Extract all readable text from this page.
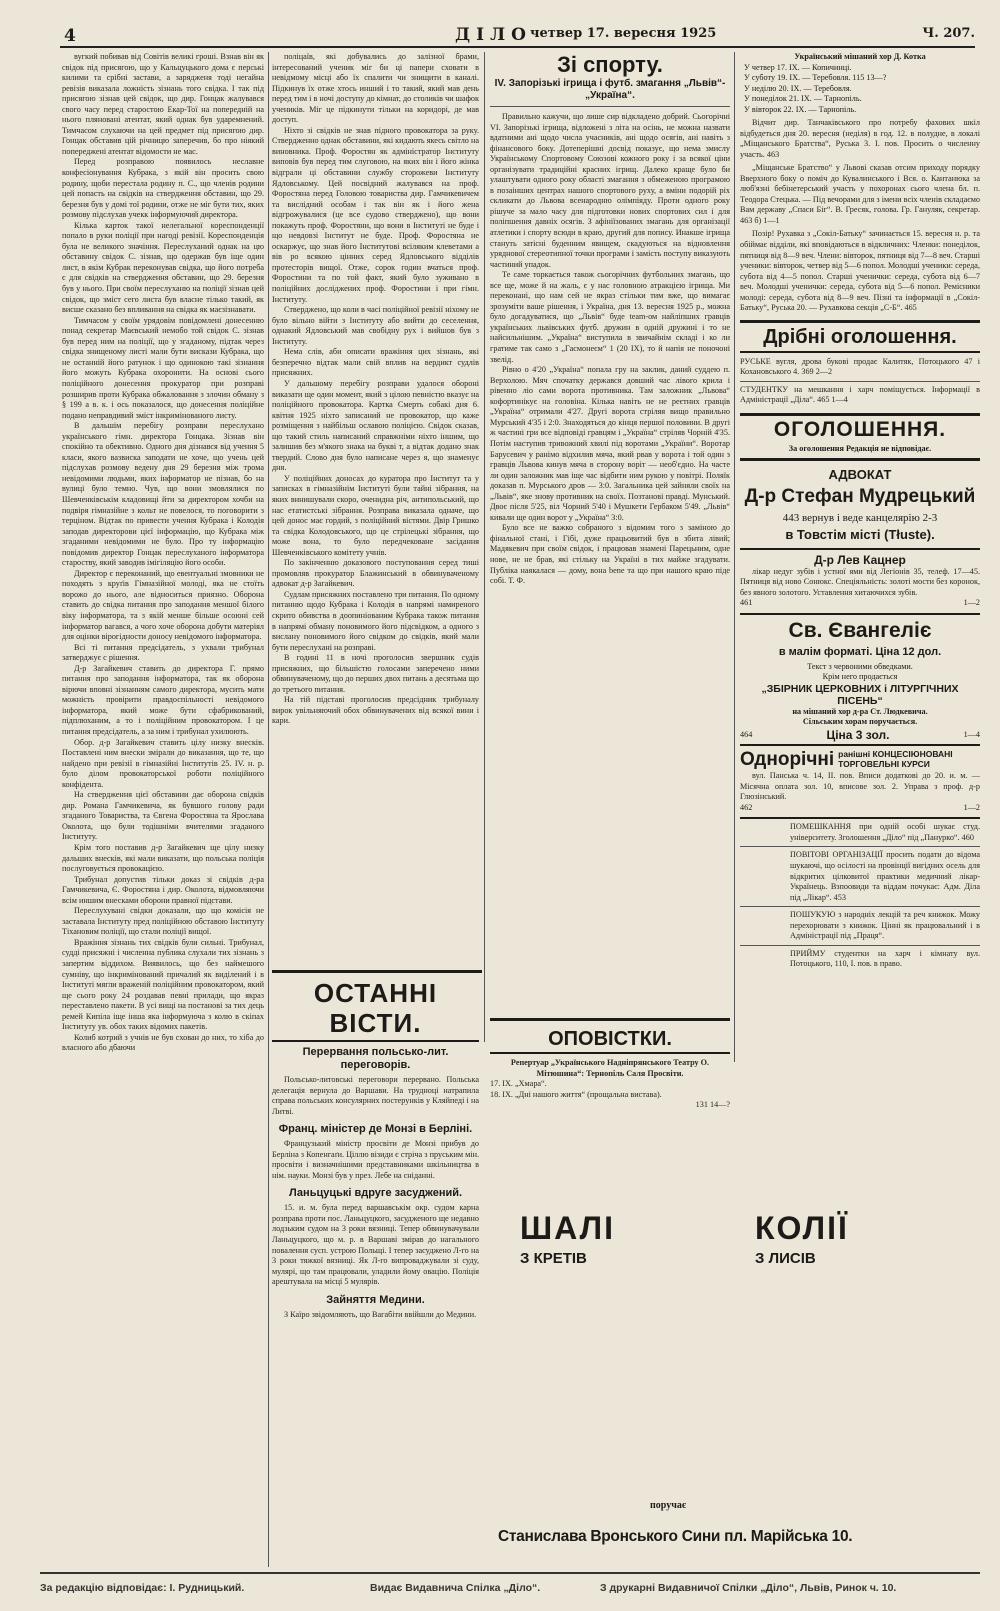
4	ДІЛО
четвер 17. вересня 1925	Ч. 207.

вугкий побивав від Совітів великі гроші. Взнав він як свідок під присягою, що у Кальцуцького дома є перські килими та срібні застави, а зарядженя тоді негайна ревізія виказала ложність зізнань того свідка. І так під присягою зізнав цей свідок, що дир. Гонцак жалувався свого часу перед старостою Екар-Тої на попередній на нього пляновані атентат, який однак був ударемнений. Тимчасом слухаючи на цей предмет під присягою дир. Гонцак обставив цій річницю заперечив, бо про ніякий попереджені атентат відомости не мас.

Перед розправою появилось неславне конфесіонування Кубрака, з якій він просить свою родину, щоби перестала родину п. С., що членів родини цей попасть на свідків на ствердження обставин, що 29. березня був у домі тої родини, отже не міг бути тих, яких розмову підслухав учекк інформуючий директора.

Кілька карток такої нелегальної кореспонденції попало в руки поліції при нагоді ревізії. Кореспонденція була не великого значіння. Переслуханий однак на цю обставину свідок С. зізнав, що одержав був іще один лист, в якім Кубрак переконував свідка, що його потреба є для свідків на ствердження обставин, що 29. березня був у нього. При своїм переслуханю на поліції зізнав цей свідок, що зміст сего листа був власне тілько такий, як висше сказано без впливання на свідка як маєзізнавати.

Тимчасом у своїм урядовім повідомлені донесенню понад секретар Маєвський немобо той свідок С. зізнав був перед ним на поліції, що у згаданому, підтак через свідка знищеному листі мали бути вискази Кубрака, що не останній його ратунок і що одинокою такі зізнання його можуть Кубрака охоронити. На основі сього поліційного донесення прокуратор при розправі розширив проти Кубрака обжаловання з злочин обману з § 199 а в. к. і ось показалося, що донесення поліційне подано неправдивий зміст інкримінованого листу.

В дальшім перебігу розправи переслухано українського гімн. директора Гонцака. Зізнав він спокійно та обективно. Одного дня дізнався від учення 5 класи, якого вазвиска заподати не хоче, що учень цей підслухав розмову ведену дня 29 березня між трома невідомими людьми, яких інформатор не пізнав, бо на вулиці було темно. Чув, що вони змовлялися по Шевченківськім кладовищі йти за директором хочби на подвіря гімназійне з кольт не повелося, то поговорити з терціном. Відтак по привести учення Кубрака і Колодія заподав директорови цієї інформацію, що Кубрака між згаданими невідомими не було. Про ту інформацію повідомив директор Гонцак переслуханого інформатора староству, який заводив імігіляцію його особи.

Директор є переконаний, що евентуальні змовники не походять з круґів Гімназійної молоді, яка не стоїть ворожо до нього, але відноситься приязно. Оборона ставить до свідка питання про заподання меншої білого віку інформатора, та з якій менше більше осоюні сей інформатор вагався, а чого хоче оборона добути матеріял для оцінки вірогідности доносу невідомого інформатора.

Всі ті питання предсідатель, з ухвали трибунал затверджує с рішення.

Д-р Загайкевич ставить до директора Г. прямо питання про заподання інформатора, так як оборона вірючи вповні зізнанням самого директора, мусить мати можність провірити правдоспільності невідомого інформатора, який може бути сфабрикований, підплюханим, а то і поліційним провокатором. І це питання предсідатель, а за ним і трибунал ухилюють.

Обор. д-р Загайкевич ставить цілу низку внесків. Поставлені ним внески змірали до виказання, що те, що найдено при ревізії в гімназійні Інститутів 25. IV. н. р. було ділом провокаторської роботи поліційного конфідента.

На ствердження цієї обставини дає оборона свідків дир. Романа Гамчикевича, як бувшого голову ради згаданого Товариства, та Євгена Форостяна та Ярослава Околота, що були тодішніми вчителями згаданого Інституту.

Крім того поставив д-р Загайкевич ще цілу низку дальших внесків, які мали виказати, що польська поліція послуговується провокацією.

Трибунал допустив тільки доказ зі свідків д-ра Гамчикевича, Є. Форостяна і дир. Околота, відмовляючи всім иншим внесками оборони правної підстави.

Переслухувані свідки доказали, що що комісія не заставала Інституту пред поліційною обставою Інституту Тіхановим поліції, що стали поліції вищої.

Вражіння зізнань тих свідків були сильні. Трибунал, судді присяжні і численна публика слухали тих зізнань з запертим віддихом. Виявилось, що без наймешого сумніву, що інкримінований причалий як виділений і в Інституті мягли враженій поліційним провокатором, який ще сього року 24 роздавав певні прилади, що якраз переставлено пакети. В усі вищі на постанові за тих дець ремей Кипіла іще інша яка інформуюча з колю в скіпах Інституту ув. обох таких відомих пакетів.

Колиб котрий з учнів не був схован до них, то хіба до власного або дбаючи

поліцаїв, які добувались до залізної брами, інтересований ученик міг би ці папери сховати в невідмому місці або їх спалити чи знищити в каналі. Підкинув їх отже хтось инший і то такий, який мав день перед тим і в ночі доступу до кімнат, до столиків чи шафок учеників. Міг це підкинути тільки на коридорі, де мав доступ.

Ніхто зі свідків не знав підного провокатора за руку. Ствердженно однак обставини, які кидають якесь світло на виновника. Проф. Форостян як адміністратор Інституту виповів був перед тим слуговою, на яких він і його жінка відграли ці обставини службу сторожеви Інституту Ядловському. Цей посвідний жалувався на проф. Форостяна перед Головою товариства дир. Гамчикевичем та вислідний особам і так він як і його жена відгрожувалися (це все судово стверджено), що вони покажуть проф. Форостяни, що вони в Інституті не буде і що невдовзі Інститут не буде. Проф. Форостяна не оскаржує, що знав його Інститутові всіляким клеветами а вів ро всякою цінних серед Ядловського відділів протесторів вищої. Отже, сорок годин вчаться проф. Форостини та по той факт, який було зуживано в поліційних досліджених проф. Форостини і при гімн. Інституту.

Стверджено, що коли в часі поліційної ревізії ніхому не було вільно війти з Інституту або вийти до сеселення, однакий Ядловський мав свобідну рух і вийшов був з Інституту.

Нема слів, аби описати вражіння цих зізнань, які безперечно відтак мали свій вплив на вердикт судлів присяжних.

У дальшому перебігу розправи удалося обороні виказати ще один момент, який з цілою певністю вказує на поліційного провокатора. Картка Смерть собакі дня 6. квітня 1925 ніхто записаний не провокатор, що каже розміщення з найбільш ославою поліцією. Свідок сказав, що такий стиль написаний справжніми ніхто іншим, що залишив без м'якого знака на букві т, а відтак додано знак твердий. Слово дня було написане через я, що знаменує дня.

У поліційних доносах до куратора про Інститут та у записках в гімназійнім Інституті були тайні зібрання, на яких винишували скоро, оченидна річ, антипольський, що нас етатистські зібрання. Розправа виказала одначе, що цей донос має гордий, з поліційний вістями. Двір Гришко та свідка Колодовського, що це стрілецькі зібрання, що може вона, то було передчековане засідання Шевченківського комітету учнів.

По закінченню доказового поступовання серед тиші промовляв прокуратор Блажинський в обвинуваченому адвокат д-р Загайкевич.

Судлам присяжних поставлено три питання. По одному питанню щодо Кубрака і Колодія в напрямі намиреного скрито обивства в доопиніованим Кубрака також питання в напрямі обману поновимого його підсвідком, а одного з вислану поновимого його свідком до свідків, який мали бути переслухані на розправі.

В годині 11 в ночі проголосив звершник судів присяжних, що більшістю голосами заперечено ними обвинуваченому, що до перших двох питань а десятьма що до третього питання.

На тій підставі проголосив предсідник трибуналу вирок увільняючий обох обвинувачених від всякої вини і кари.

ОСТАННІ ВІСТИ.
Перервання польсько-лит. переговорів.

Польсько-литовські переговори перервано. Польська делегація вернула до Варшави. На трудноці натрапила справа польських консулярних постерунків у Кляйпеді і на Литві.

Франц. міністер де Монзі в Берліні.

Французький міністр просвіти де Монзі прибув до Берліна з Копенгаґи. Ціллю візиди є стріча з пруським мін. просвіти і визначнішими представниками шкільництва в нім. науки. Монзі був у през. Лебе на сніданні.

Ланьцуцькі вдруге засуджений.

15. и. м. була перед варшавськім окр. судом карна розправа проти пос. Ланьцуцкого, засудженого ще недавно лодзьким судом на 3 роки вязниці. Тепер обвинувачували Ланьцуцкого, що м. р. в Варшаві змірав до нагального повалення сусп. устрою Польщі. І тепер засуджено Л-го на 3 роки тяжкої вязниці. Як Л-го випроваджували зі суду, мулярі, що там працювали, уладили йому овацію. Поліція арештувала на місці 5 мулярів.

Зайняття Медини.

З Каїро звідомляють, що Вагабіти ввійшли до Медини.

Зі спорту.
IV. Запорізькі ігрища і футб. змагання „Львів“-„Україна“.

Правильно кажучи, що лише сир відкладено добрий. Сьогорічні VI. Запорізькі ігрища, відложені з літа на осінь, не можна назвати вдатними ані щодо числа учасників, ані щодо осягів, ані навіть з фінансового боку. Дотеперішні досвід показує, що нема змислу Українському Спортовому Союзові кожного року і за всякої ціни організувати традиційні красних ігрищ. Далеко краще було би улаштувати одного року області змагання з обмеженою програмою в позаінших центрах нашого спортового руху, а вміни подорій ріх скликати до Львова всенародню олімпіяду. Проти одного року рішуче за мало часу для підготовки нових спортових сил і для поліпшення давніх осягів. З афініїзованих змагань для організації атлетики і спорту всюди в краю, другий для попису. Инакше ігрища стануть затісні буденним явищем, скадуються на відновлення уряднової стереотипної точки програми і замість поступу виказують частиний упадок.

Те саме торкається також сьогорічних футбольних змагань, що все ще, може й на жаль, є у нас головною атракцією ігрища. Ми переконані, що нам сей не якраз стільки тим вже, що вимагає зрозуміти ваше рішення, і Україна, дня 13. вересня 1925 р., можна було догадуватися, що „Львів“ буде team-ом найліпших гравців українських львівських футб. дружин в одній дружині і то не найсильнішим. „Україна“ виступила в звичайнім складі і ко ли гратиме так само з „Гасмонеєм“ 1 (20 IX), то й напія не поночоні звелід.

Рівно о 4'20 „Україна“ попала гру на заклик, даний суддею п. Верхолою. Мяч спочатку держався довший час лівого крила і рівенно ліо сами ворота противника. Там заложник „Львова“ кофортинікує на головіна. Кілька навіть не не реєтних гравців „Україна“ отримали 4'27. Другі ворота стріляя вищо правильно Мурський 4'35 і 2:0. Знаходяться до кінця першої половини. В другі ж частині гри все відповіді гравцям і „Україна“ стріляв Чорній 4'35. Потім наступив тривожний хвилі під воротами „України“. Воротар Барусевич у ранімо відхилив мяча, який рвав у ворота і той один з гравців Львова кинув мяча в сторону воріт — необ'єдно. На часте ли один заложник мав іще час відбити ним рукою у повітрі. Поляїк доказав п. Мурського дров — 3:0. Загальника цей зайняли своїх на „Львів“, яке знову противник на своїх. Позтанові правді. Мунський. Двоє після 5'25, віл Чорний 5'40 і Мушкети Гербаком 5'49. „Львів“ кивали ще один ворот у „Україна“ 3:0.

Було все не важко собраного з відомим того з заміною до фінальної стані, і Гібі, дуже працьовитий був в збита лівий; Мадякевич при своїм свідок, і працював знамені Парецьним, одне нове, не не брав, які стільку на Україні в тих майже згадувати. Публіка наякалася — дому, вона bene та що при нашого краю піде собі. Т. Ф.

ОПОВІСТКИ.
Репертуар „Українського Надніпрянського Театру О. Мітюшина“: Тернопіль Саля Просвіти.
17. IX. „Хмара“.
18. IX. „Дні нашого життя“ (прощальна вистава).
131 14—?
ШАЛІ
З КРЕТІВ
КОЛІЇ
З ЛИСІВ
поручає
Станислава Вронського Сини пл. Марійська 10.
Український мішаний хор Д. Котка
У четвер 17. IX. — Копичинці.
У суботу 19. IX. — Теребовля. 115 13—?
У неділю 20. IX. — Теребовля.
У понеділок 21. IX. — Тарнопіль.
У вівторок 22. IX. — Тарнопіль.

Відчит дир. Танчаківського про потребу фахових шкіл відбудеться дня 20. вересня (неділя) в год. 12. в полудне, в локалі „Міщанського Братства“, Руська 3. І. пов. Просить о численну участь. 463

„Міщанське Братство“ у Львові сказав отсим приходу порядку Вверхного боку о поміч до Кувалинського і Вся. о. Кантанюка за люб'язні бебінетерський участь у похоронах сього члена бл. п. Теодора Стецька. — Під вечорами для з імени всіх членів складаємо Вам державу „Спаси Біг“. В. Гресяк, голова. Гр. Гануляк, секретар. 463 б) 1—1

Позір! Рухавка з „Сокіл-Батьку“ зачинається 15. вересня н. р. та обіймає відділи, які вповідаються в відкличних: Членки: понеділок, пятниця від 8—9 веч. Члени: вівторок, пятниця від 7—8 веч. Старші ученики: вівторок, четвер від 5—6 попол. Молодші ученики: середа, субота від 4—5 попол. Старші ученички: середа, субота від 6—7 веч. Молодші ученички: середа, субота від 5—6 попол. Ремісники молоді: середа, субота від 8—9 веч. Пізні та інформації в „Сокіл-Батьку“, Руська 20. — Рухавкова секція „С-Б“. 465

Дрібні оголошення.
РУСЬКЕ вугля, дрова букові продає Калитяк, Потоцького 47 і Кохановського 4. 369 2—2
СТУДЕНТКУ на мешкання і харч поміщується. Інформації в Адміністрації „Діла“. 465 1—4
ОГОЛОШЕННЯ.
За оголошення Редакція не відповідає.
АДВОКАТ
Д-р Стефан Мудрецький
443 вернув і веде канцелярію 2-3
в Товстім місті (Tłuste).
Д-р Лев Кацнер

лікар недуг зубів і устної ями від Легіонів 35, телеф. 17—45. Пятниця від ново Сонюкс. Спеціяльність: золоті мости без коронок, без явного золотого. Уставлення хитаючихся зубів.

461	1—2
Св. Євангеліє
в малім форматі. Ціна 12 дол.
Текст з червоними обведками.
Крім него продається
„ЗБІРНИК ЦЕРКОВНИХ і ЛІТУРГІЧНИХ ПІСЕНЬ“
на мішаний хор д-ра Ст. Людкевича.
Сільським хорам поручається.
464	Ціна 3 зол.	1—4
Однорічні ранішні КОНЦЕСІЮНОВАНІ ТОРГОВЕЛЬНІ КУРСИ

вул. Панська ч. 14, II. пов. Вписи додаткові до 20. и. м. — Місячна оплата зол. 10, вписове зол. 2. Управа з проф. д-р Глюзінський.

462	1—2
ПОМЕШКАННЯ при одній особі шукає студ. університету. Зголошення „Діло“ під „Панурко“. 460
ПОВІТОВІ ОРГАНІЗАЦІЇ просить подати до відома шукаючі, що осілості на провінції вигідних осель для відкритих цілковитої практики медичний лікар-Українець. Взпоовиди та віддам почукає: Адм. Діла під „Лікар“. 453
ПОШУКУЮ з народніх лекцій та реч книжок. Можу перехорювати з книжок. Цінні як працювальний і в Адміністрації під „Праця“.
ПРИЙМУ студентки на харч і кімнату вул. Потоцького, 110, I. пов. в право.
За редакцію відповідає: І. Рудницький.	Видає Видавнича Спілка „Діло“.	З друкарні Видавничої Спілки „Діло“, Львів, Ринок ч. 10.
